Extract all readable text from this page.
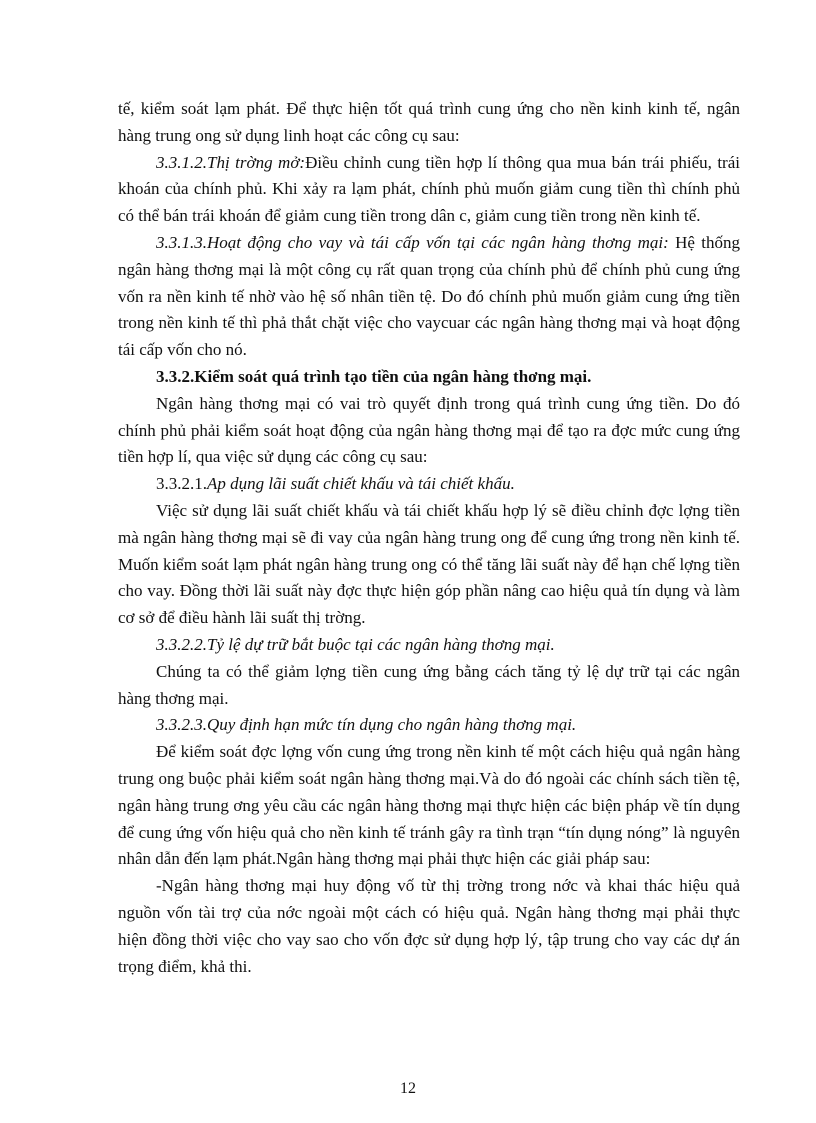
tế, kiểm soát lạm phát. Để thực hiện tốt quá trình cung ứng cho nền kinh kinh tế, ngân hàng trung ong sử dụng linh hoạt các công cụ sau:

3.3.1.2.Thị trờng mở:Điều chỉnh cung tiền hợp lí thông qua mua bán trái phiếu, trái khoán của chính phủ. Khi xảy ra lạm phát, chính phủ muốn giảm cung tiền thì chính phủ có thể bán trái khoán để giảm cung tiền trong dân c, giảm cung tiền trong nền kinh tế.

3.3.1.3.Hoạt động cho vay và tái cấp vốn tại các ngân hàng thơng mại: Hệ thống ngân hàng thơng mại là một công cụ rất quan trọng của chính phủ để chính phủ cung ứng vốn ra nền kinh tế nhờ vào hệ số nhân tiền tệ. Do đó chính phủ muốn giảm cung ứng tiền trong nền kinh tế thì phả thắt chặt việc cho vaycuar các ngân hàng thơng mại và hoạt động tái cấp vốn cho nó.

3.3.2.Kiểm soát quá trình tạo tiền của ngân hàng thơng mại.

Ngân hàng thơng mại có vai trò quyết định trong quá trình cung ứng tiền. Do đó chính phủ phải kiểm soát hoạt động của ngân hàng thơng mại để tạo ra đợc mức cung ứng tiền hợp lí, qua việc sử dụng các công cụ sau:

3.3.2.1.Ap dụng lãi suất chiết khấu và tái chiết khấu.

Việc sử dụng lãi suất chiết khấu và tái chiết khấu hợp lý sẽ điều chỉnh đợc lợng tiền mà ngân hàng thơng mại sẽ đi vay của ngân hàng trung ong để cung ứng trong nền kinh tế. Muốn kiểm soát lạm phát ngân hàng trung ong có thể tăng lãi suất này để hạn chế lợng tiền cho vay. Đồng thời lãi suất này đợc thực hiện góp phần nâng cao hiệu quả tín dụng và làm cơ sở để điều hành lãi suất thị trờng.

3.3.2.2.Tỷ lệ dự trữ bắt buộc tại các ngân hàng thơng mại.

Chúng ta có thể giảm lợng tiền cung ứng bằng cách tăng tỷ lệ dự trữ tại các ngân hàng thơng mại.

3.3.2.3.Quy định hạn mức tín dụng cho ngân hàng thơng mại.

Để kiểm soát đợc lợng vốn cung ứng trong nền kinh tế một cách hiệu quả ngân hàng trung ong buộc phải kiểm soát ngân hàng thơng mại.Và do đó ngoài các chính sách tiền tệ, ngân hàng trung ơng yêu cầu các ngân hàng thơng mại thực hiện các biện pháp về tín dụng để cung ứng vốn hiệu quả cho nền kinh tế tránh gây ra tình trạn “tín dụng nóng” là nguyên nhân dẫn đến lạm phát.Ngân hàng thơng mại phải thực hiện các giải pháp sau:

-Ngân hàng thơng mại huy động vố từ thị trờng trong nớc và khai thác hiệu quả nguồn vốn tài trợ của nớc ngoài một cách có hiệu quả. Ngân hàng thơng mại phải thực hiện đồng thời việc cho vay sao cho vốn đợc sử dụng hợp lý, tập trung cho vay các dự án trọng điểm, khả thi.

12
